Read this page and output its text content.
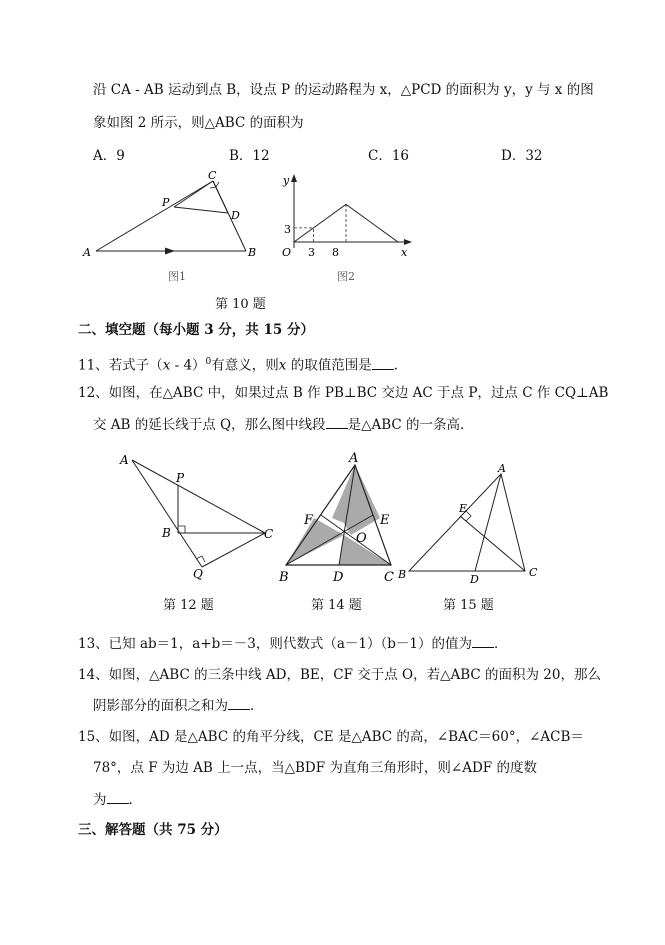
沿 CA - AB 运动到点 B，设点 P 的运动路程为 x，△PCD 的面积为 y，y 与 x 的图
象如图 2 所示，则△ABC 的面积为
A．9	B．12	C．16	D．32
A	B
C
D
P
图1
y
x
O 3 8
3
图2
第 10 题
二、填空题（每小题 3 分，共 15 分）
11、若式子（x - 4）$^0$有意义，则x 的取值范围是 .
12、如图，在△ABC 中，如果过点 B 作 PB⊥BC 交边 AC 于点 P，过点 C 作 CQ⊥AB
交 AB 的延长线于点 Q，那么图中线段 是△ABC 的一条高．
A
P
B	C
Q
第 12 题
A
F	E
O
B	D	C
第 14 题
A
E
B	D
C
第 15 题
13、已知 ab＝1，a+b＝－3，则代数式（a－1）（b－1）的值为 ．
14、如图，△ABC 的三条中线 AD，BE，CF 交于点 O，若△ABC 的面积为 20，那么
阴影部分的面积之和为 ．
15、如图，AD 是△ABC 的角平分线，CE 是△ABC 的高，∠BAC＝60°，∠ACB＝
78°，点 F 为边 AB 上一点，当△BDF 为直角三角形时，则∠ADF 的度数
为 ．
三、解答题（共 75 分）
